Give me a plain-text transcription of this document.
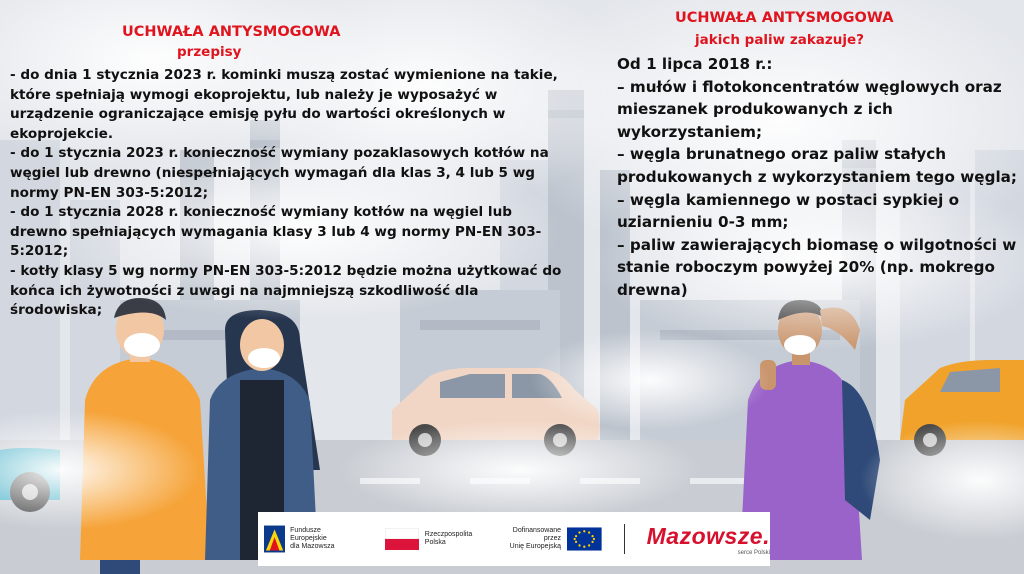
UCHWAŁA ANTYSMOGOWA
przepisy

- do dnia 1 stycznia 2023 r. kominki muszą zostać wymienione na takie, które spełniają wymogi ekoprojektu, lub należy je wyposażyć w urządzenie ograniczające emisję pyłu do wartości określonych w ekoprojekcie.

- do 1 stycznia 2023 r. konieczność wymiany pozaklasowych kotłów na węgiel lub drewno (niespełniających wymagań dla klas 3, 4 lub 5 wg normy PN-EN 303-5:2012;

- do 1 stycznia 2028 r. konieczność wymiany kotłów na węgiel lub drewno spełniających wymagania klasy 3 lub 4 wg normy PN-EN 303-5:2012;

- kotły klasy 5 wg normy PN-EN 303-5:2012 będzie można użytkować do końca ich żywotności z uwagi na najmniejszą szkodliwość dla środowiska;

UCHWAŁA ANTYSMOGOWA
jakich paliw zakazuje?

Od 1 lipca 2018 r.:

– mułów i flotokoncentratów węglowych oraz mieszanek produkowanych z ich wykorzystaniem;

– węgla brunatnego oraz paliw stałych produkowanych z wykorzystaniem tego węgla;

– węgla kamiennego w postaci sypkiej o uziarnieniu 0-3 mm;

– paliw zawierających biomasę o wilgotności w stanie roboczym powyżej 20% (np. mokrego drewna)

Fundusze Europejskie
dla Mazowsza
Rzeczpospolita
Polska
Dofinansowane przez
Unię Europejską	Mazowsze.
serce Polski
